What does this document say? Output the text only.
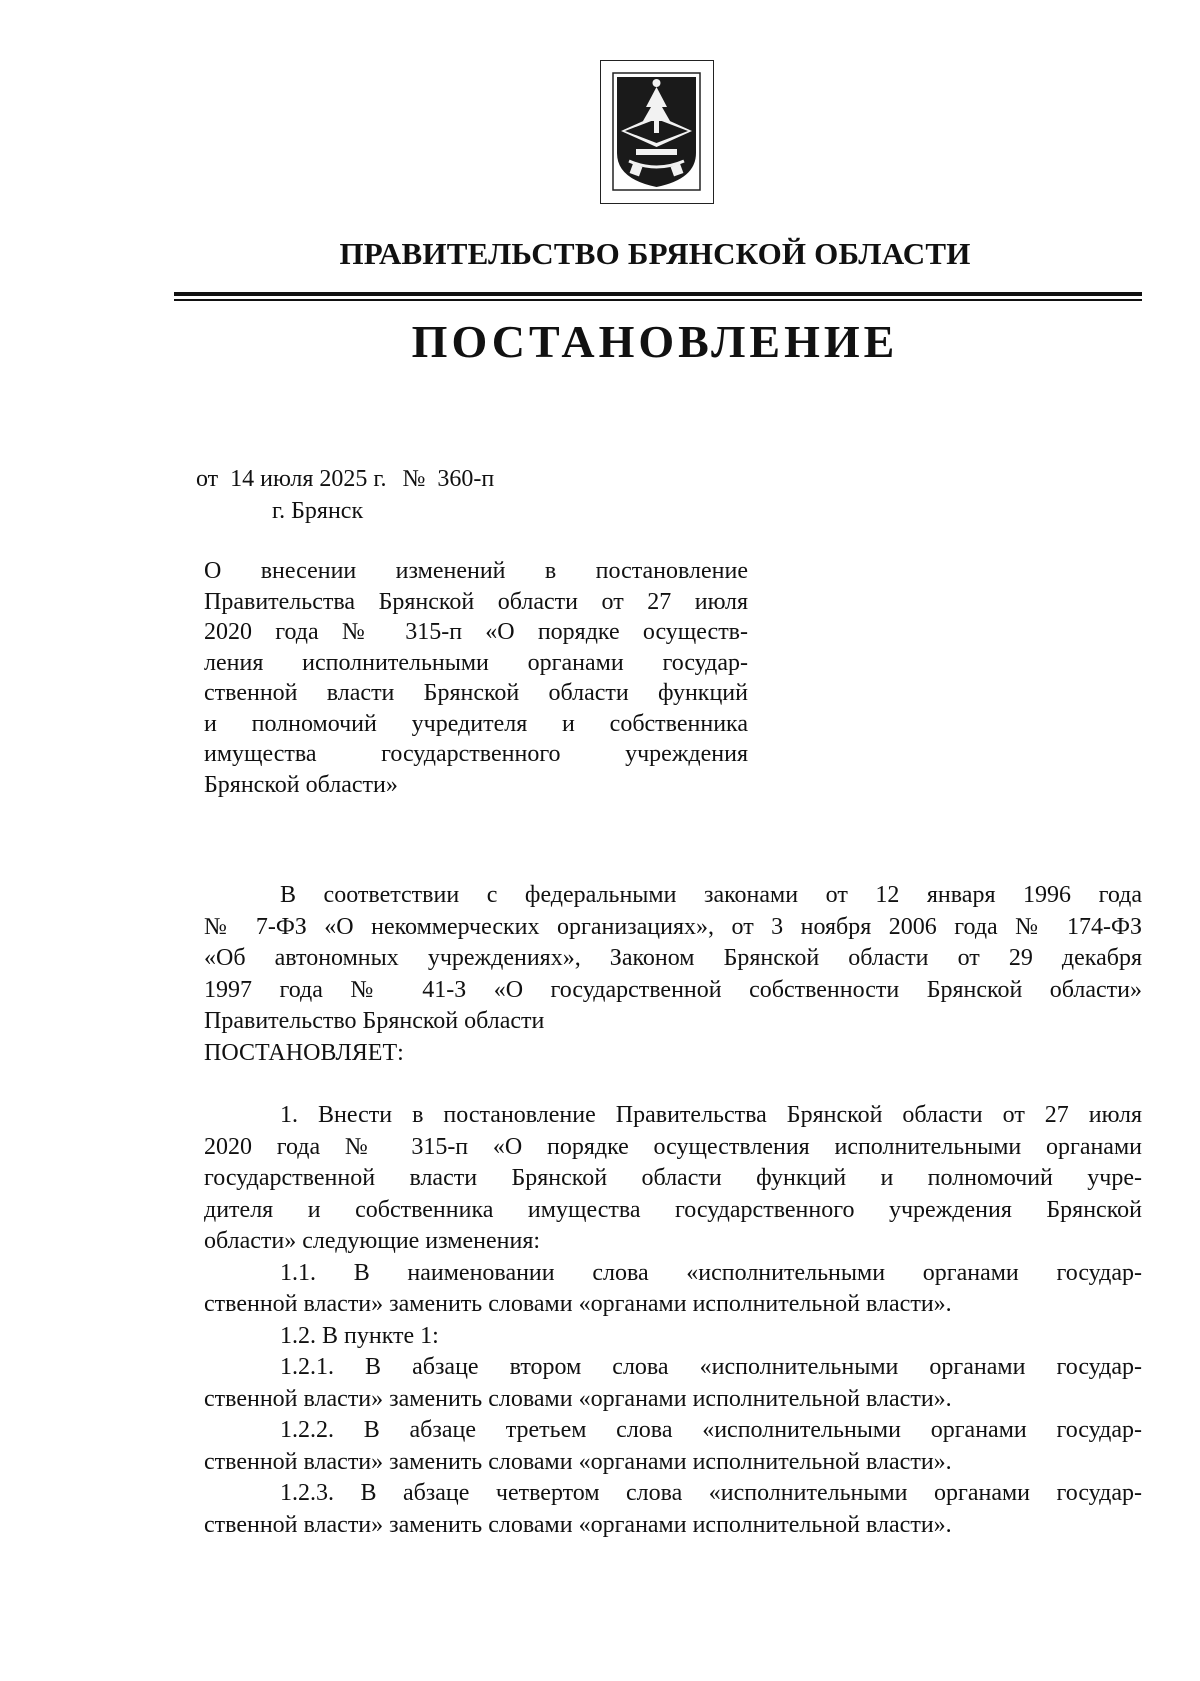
ПРАВИТЕЛЬСТВО БРЯНСКОЙ ОБЛАСТИ
ПОСТАНОВЛЕНИЕ
от 14 июля 2025 г. № 360-п
г. Брянск
О внесении изменений в постановление
Правительства Брянской области от 27 июля
2020 года № 315-п «О порядке осуществ-
ления исполнительными органами государ-
ственной власти Брянской области функций
и полномочий учредителя и собственника
имущества государственного учреждения
Брянской области»
В соответствии с федеральными законами от 12 января 1996 года
№ 7-ФЗ «О некоммерческих организациях», от 3 ноября 2006 года № 174-ФЗ
«Об автономных учреждениях», Законом Брянской области от 29 декабря
1997 года № 41-З «О государственной собственности Брянской области»
Правительство Брянской области
ПОСТАНОВЛЯЕТ:
1. Внести в постановление Правительства Брянской области от 27 июля
2020 года № 315-п «О порядке осуществления исполнительными органами
государственной власти Брянской области функций и полномочий учре-
дителя и собственника имущества государственного учреждения Брянской
области» следующие изменения:
1.1. В наименовании слова «исполнительными органами государ-
ственной власти» заменить словами «органами исполнительной власти».
1.2. В пункте 1:
1.2.1. В абзаце втором слова «исполнительными органами государ-
ственной власти» заменить словами «органами исполнительной власти».
1.2.2. В абзаце третьем слова «исполнительными органами государ-
ственной власти» заменить словами «органами исполнительной власти».
1.2.3. В абзаце четвертом слова «исполнительными органами государ-
ственной власти» заменить словами «органами исполнительной власти».
